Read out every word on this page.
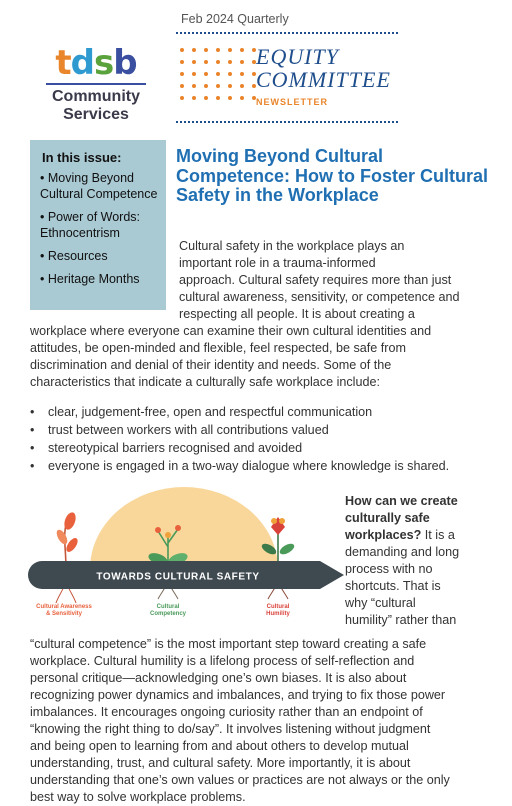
Feb 2024 Quarterly
tdsb
Community
Services
EQUITY
COMMITTEE
NEWSLETTER
In this issue:
• Moving Beyond Cultural Competence
• Power of Words: Ethnocentrism
• Resources
• Heritage Months
Moving Beyond Cultural Competence: How to Foster Cultural Safety in the Workplace
Cultural safety in the workplace plays an
important role in a trauma-informed
approach. Cultural safety requires more than just
cultural awareness, sensitivity, or competence and
respecting all people. It is about creating a
workplace where everyone can examine their own cultural identities and
attitudes, be open-minded and flexible, feel respected, be safe from
discrimination and denial of their identity and needs. Some of the
characteristics that indicate a culturally safe workplace include:
• clear, judgement-free, open and respectful communication
• trust between workers with all contributions valued
• stereotypical barriers recognised and avoided
• everyone is engaged in a two-way dialogue where knowledge is shared.
TOWARDS CULTURAL SAFETY
Cultural Awareness
& Sensitivity
Cultural
Competency
Cultural
Humility
How can we create culturally safe workplaces? It is a
demanding and long
process with no
shortcuts. That is
why “cultural
humility” rather than
“cultural competence” is the most important step toward creating a safe
workplace. Cultural humility is a lifelong process of self-reflection and
personal critique—acknowledging one’s own biases. It is also about
recognizing power dynamics and imbalances, and trying to fix those power
imbalances. It encourages ongoing curiosity rather than an endpoint of
“knowing the right thing to do/say”. It involves listening without judgment
and being open to learning from and about others to develop mutual
understanding, trust, and cultural safety. More importantly, it is about
understanding that one’s own values or practices are not always or the only
best way to solve workplace problems.
